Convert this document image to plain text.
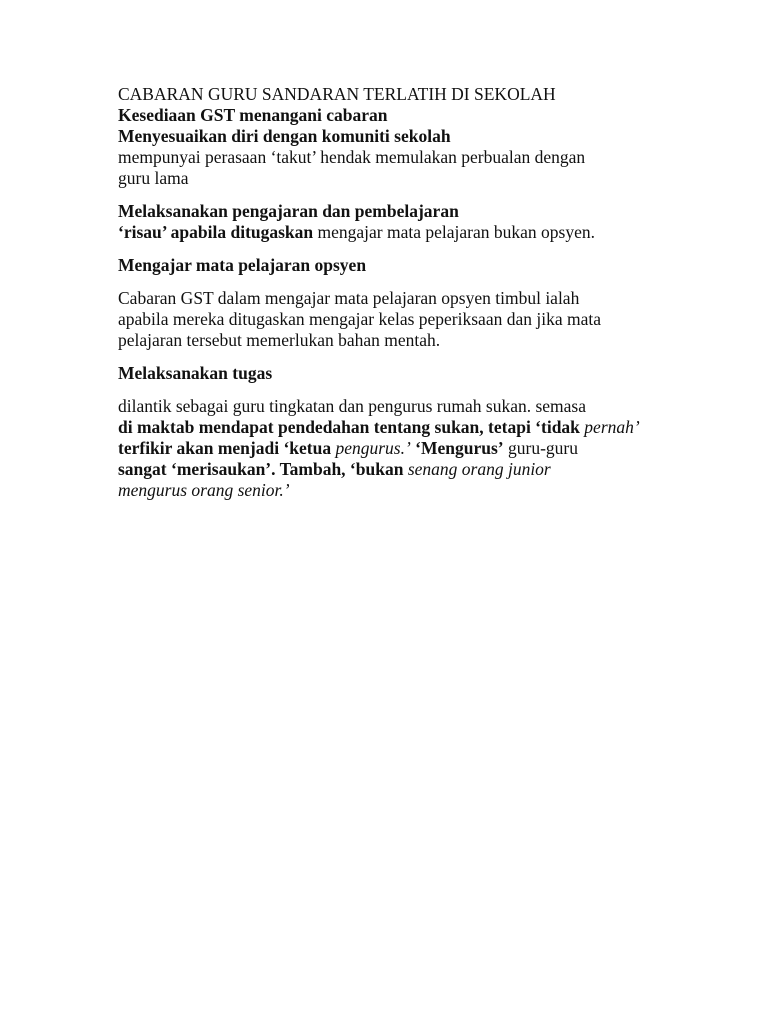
CABARAN GURU SANDARAN TERLATIH DI SEKOLAH
Kesediaan GST menangani cabaran
Menyesuaikan diri dengan komuniti sekolah
mempunyai perasaan ‘takut’ hendak memulakan perbualan dengan
guru lama
Melaksanakan pengajaran dan pembelajaran
‘risau’ apabila ditugaskan mengajar mata pelajaran bukan opsyen.
Mengajar mata pelajaran opsyen
Cabaran GST dalam mengajar mata pelajaran opsyen timbul ialah
apabila mereka ditugaskan mengajar kelas peperiksaan dan jika mata
pelajaran tersebut memerlukan bahan mentah.
Melaksanakan tugas
dilantik sebagai guru tingkatan dan pengurus rumah sukan. semasa
di maktab mendapat pendedahan tentang sukan, tetapi ‘tidak pernah’
terfikir akan menjadi ‘ketua pengurus.’ ‘Mengurus’ guru-guru
sangat ‘merisaukan’. Tambah, ‘bukan senang orang junior
mengurus orang senior.’
